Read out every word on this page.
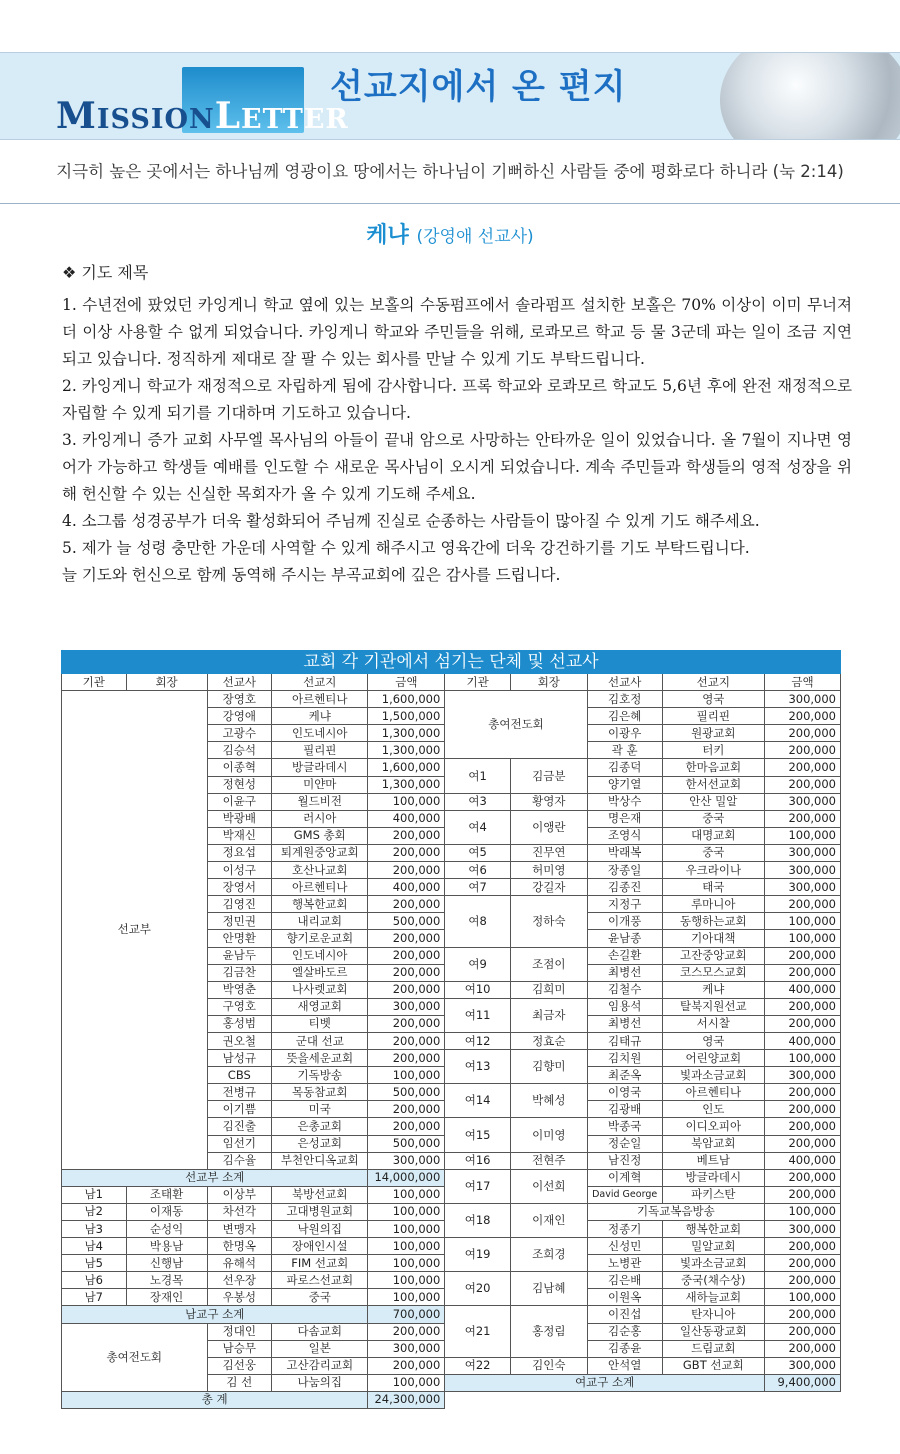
MISSIONLETTER
선교지에서 온 편지
지극히 높은 곳에서는 하나님께 영광이요 땅에서는 하나님이 기뻐하신 사람들 중에 평화로다 하니라 (눅 2:14)
케냐 (강영애 선교사)
❖ 기도 제목

1. 수년전에 팠었던 카잉게니 학교 옆에 있는 보홀의 수동펌프에서 솔라펌프 설치한 보홀은 70% 이상이 이미 무너져 더 이상 사용할 수 없게 되었습니다. 카잉게니 학교와 주민들을 위해, 로콰모르 학교 등 물 3군데 파는 일이 조금 지연되고 있습니다. 정직하게 제대로 잘 팔 수 있는 회사를 만날 수 있게 기도 부탁드립니다.

2. 카잉게니 학교가 재정적으로 자립하게 됨에 감사합니다. 프록 학교와 로콰모르 학교도 5,6년 후에 완전 재정적으로 자립할 수 있게 되기를 기대하며 기도하고 있습니다.

3. 카잉게니 증가 교회 사무엘 목사님의 아들이 끝내 암으로 사망하는 안타까운 일이 있었습니다. 올 7월이 지나면 영어가 가능하고 학생들 예배를 인도할 수 새로운 목사님이 오시게 되었습니다. 계속 주민들과 학생들의 영적 성장을 위해 헌신할 수 있는 신실한 목회자가 올 수 있게 기도해 주세요.

4. 소그룹 성경공부가 더욱 활성화되어 주님께 진실로 순종하는 사람들이 많아질 수 있게 기도 해주세요.

5. 제가 늘 성령 충만한 가운데 사역할 수 있게 해주시고 영육간에 더욱 강건하기를 기도 부탁드립니다.

늘 기도와 헌신으로 함께 동역해 주시는 부곡교회에 깊은 감사를 드립니다.

교회 각 기관에서 섬기는 단체 및 선교사									
기관	회장	선교사	선교지	금액	기관	회장	선교사	선교지	금액
선교부		장영호	아르헨티나	1,600,000	총여전도회		김호정	영국	300,000
		강영애	케냐	1,500,000			김은혜	필리핀	200,000
		고광수	인도네시아	1,300,000			이광우	원광교회	200,000
		김승석	필리핀	1,300,000			곽 훈	터키	200,000
		이종혁	방글라데시	1,600,000	여1	김금분	김종덕	한마음교회	200,000
		정현성	미얀마	1,300,000			양기열	한서선교회	200,000
		이윤구	월드비전	100,000	여3	황영자	박상수	안산 밀알	300,000
		박광배	러시아	400,000	여4	이앵란	명은재	중국	200,000
		박재신	GMS 총회	200,000			조영식	대명교회	100,000
		정요섭	퇴계원중앙교회	200,000	여5	진무연	박래복	중국	300,000
		이성구	호산나교회	200,000	여6	허미영	장종일	우크라이나	300,000
		장영서	아르헨티나	400,000	여7	강길자	김종진	태국	300,000
		김영진	행복한교회	200,000	여8	정하숙	지정구	루마니아	200,000
		정민권	내리교회	500,000			이개풍	동행하는교회	100,000
		안명환	향기로운교회	200,000			윤남종	기아대책	100,000
		윤남두	인도네시아	200,000	여9	조점이	손길환	고잔중앙교회	200,000
		김금찬	엘살바도르	200,000			최병선	코스모스교회	200,000
		박영춘	나사렛교회	200,000	여10	김희미	김철수	케냐	400,000
		구영호	새영교회	300,000	여11	최금자	임용석	탈북지원선교	200,000
		홍성범	티벳	200,000			최병선	서시찰	200,000
		권오철	군대 선교	200,000	여12	정효순	김태규	영국	400,000
		남성규	뜻을세운교회	200,000	여13	김향미	김치원	어린양교회	100,000
		CBS	기독방송	100,000			최준옥	빛과소금교회	300,000
		전병규	목동참교회	500,000	여14	박혜성	이영국	아르헨티나	200,000
		이기쁨	미국	200,000			김광배	인도	200,000
		김진출	은총교회	200,000	여15	이미영	박종국	이디오피아	200,000
		임선기	은성교회	500,000			정순일	북암교회	200,000
		김수율	부천안디옥교회	300,000	여16	전현주	남진정	베트남	400,000
선교부 소계				14,000,000	여17	이선희	이계혁	방글라데시	200,000
남1	조태환	이상부	북방선교회	100,000			David George	파키스탄	200,000
남2	이재동	차선각	고대병원교회	100,000	여18	이재인	기독교복음방송		100,000
남3	순성익	변맹자	낙원의집	100,000			정종기	행복한교회	300,000
남4	박용남	한명옥	장애인시설	100,000	여19	조희경	신성민	밀알교회	200,000
남5	신행남	유해석	FIM 선교회	100,000			노병관	빛과소금교회	200,000
남6	노경목	선우장	파로스선교회	100,000	여20	김남혜	김은배	중국(채수상)	200,000
남7	장재인	우봉성	중국	100,000			이원옥	새하늘교회	100,000
남교구 소계				700,000	여21	홍정림	이진섭	탄자니아	200,000
총여전도회		정대인	다솜교회	200,000			김순홍	일산동광교회	200,000
		남승무	일본	300,000			김종윤	드림교회	200,000
		김선웅	고산감리교회	200,000	여22	김인숙	안석열	GBT 선교회	300,000
		김 선	나눔의집	100,000	여교구 소계				9,400,000
총 계				24,300,000					
